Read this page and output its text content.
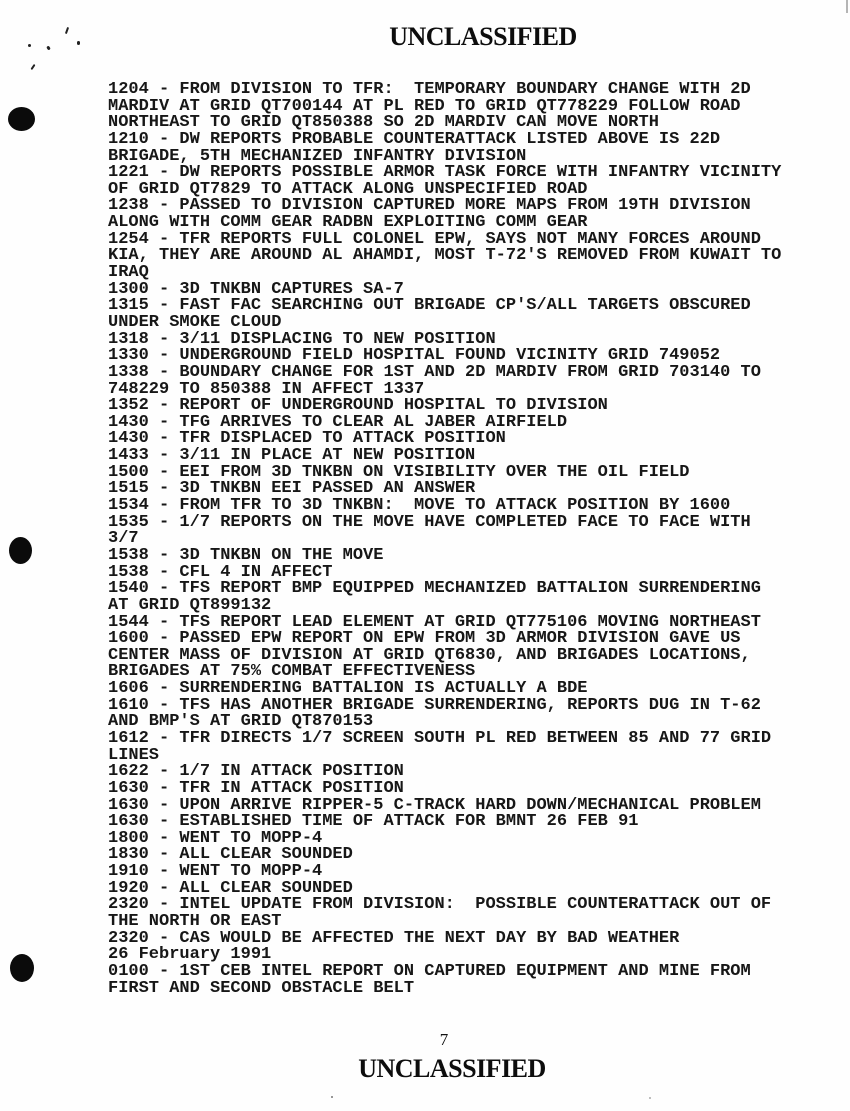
UNCLASSIFIED
1204 - FROM DIVISION TO TFR:  TEMPORARY BOUNDARY CHANGE WITH 2D
MARDIV AT GRID QT700144 AT PL RED TO GRID QT778229 FOLLOW ROAD
NORTHEAST TO GRID QT850388 SO 2D MARDIV CAN MOVE NORTH
1210 - DW REPORTS PROBABLE COUNTERATTACK LISTED ABOVE IS 22D
BRIGADE, 5TH MECHANIZED INFANTRY DIVISION
1221 - DW REPORTS POSSIBLE ARMOR TASK FORCE WITH INFANTRY VICINITY
OF GRID QT7829 TO ATTACK ALONG UNSPECIFIED ROAD
1238 - PASSED TO DIVISION CAPTURED MORE MAPS FROM 19TH DIVISION
ALONG WITH COMM GEAR RADBN EXPLOITING COMM GEAR
1254 - TFR REPORTS FULL COLONEL EPW, SAYS NOT MANY FORCES AROUND
KIA, THEY ARE AROUND AL AHAMDI, MOST T-72'S REMOVED FROM KUWAIT TO
IRAQ
1300 - 3D TNKBN CAPTURES SA-7
1315 - FAST FAC SEARCHING OUT BRIGADE CP'S/ALL TARGETS OBSCURED
UNDER SMOKE CLOUD
1318 - 3/11 DISPLACING TO NEW POSITION
1330 - UNDERGROUND FIELD HOSPITAL FOUND VICINITY GRID 749052
1338 - BOUNDARY CHANGE FOR 1ST AND 2D MARDIV FROM GRID 703140 TO
748229 TO 850388 IN AFFECT 1337
1352 - REPORT OF UNDERGROUND HOSPITAL TO DIVISION
1430 - TFG ARRIVES TO CLEAR AL JABER AIRFIELD
1430 - TFR DISPLACED TO ATTACK POSITION
1433 - 3/11 IN PLACE AT NEW POSITION
1500 - EEI FROM 3D TNKBN ON VISIBILITY OVER THE OIL FIELD
1515 - 3D TNKBN EEI PASSED AN ANSWER
1534 - FROM TFR TO 3D TNKBN:  MOVE TO ATTACK POSITION BY 1600
1535 - 1/7 REPORTS ON THE MOVE HAVE COMPLETED FACE TO FACE WITH
3/7
1538 - 3D TNKBN ON THE MOVE
1538 - CFL 4 IN AFFECT
1540 - TFS REPORT BMP EQUIPPED MECHANIZED BATTALION SURRENDERING
AT GRID QT899132
1544 - TFS REPORT LEAD ELEMENT AT GRID QT775106 MOVING NORTHEAST
1600 - PASSED EPW REPORT ON EPW FROM 3D ARMOR DIVISION GAVE US
CENTER MASS OF DIVISION AT GRID QT6830, AND BRIGADES LOCATIONS,
BRIGADES AT 75% COMBAT EFFECTIVENESS
1606 - SURRENDERING BATTALION IS ACTUALLY A BDE
1610 - TFS HAS ANOTHER BRIGADE SURRENDERING, REPORTS DUG IN T-62
AND BMP'S AT GRID QT870153
1612 - TFR DIRECTS 1/7 SCREEN SOUTH PL RED BETWEEN 85 AND 77 GRID
LINES
1622 - 1/7 IN ATTACK POSITION
1630 - TFR IN ATTACK POSITION
1630 - UPON ARRIVE RIPPER-5 C-TRACK HARD DOWN/MECHANICAL PROBLEM
1630 - ESTABLISHED TIME OF ATTACK FOR BMNT 26 FEB 91
1800 - WENT TO MOPP-4
1830 - ALL CLEAR SOUNDED
1910 - WENT TO MOPP-4
1920 - ALL CLEAR SOUNDED
2320 - INTEL UPDATE FROM DIVISION:  POSSIBLE COUNTERATTACK OUT OF
THE NORTH OR EAST
2320 - CAS WOULD BE AFFECTED THE NEXT DAY BY BAD WEATHER
26 February 1991
0100 - 1ST CEB INTEL REPORT ON CAPTURED EQUIPMENT AND MINE FROM
FIRST AND SECOND OBSTACLE BELT
7
UNCLASSIFIED
